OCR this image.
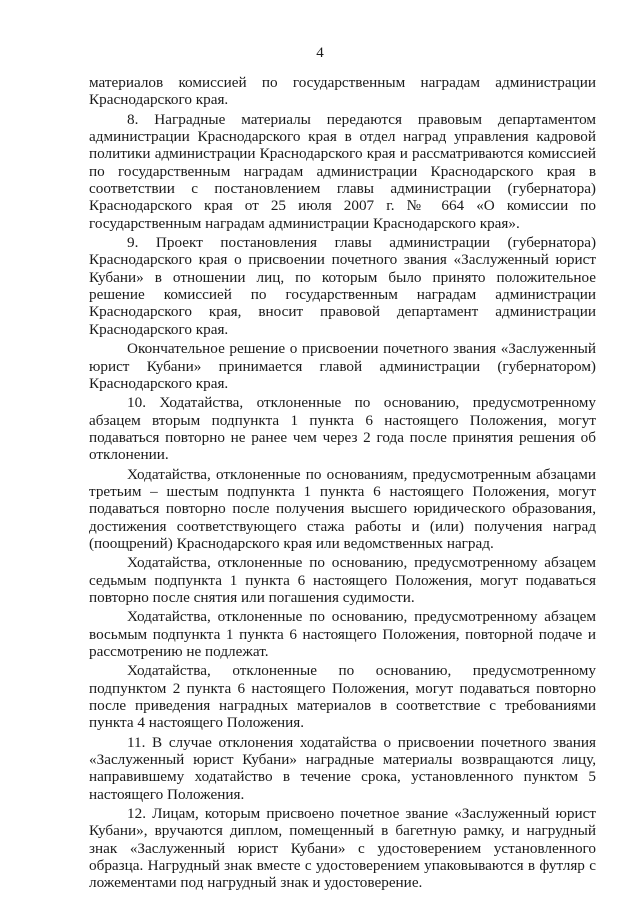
4

материалов комиссией по государственным наградам администрации Краснодарского края.

8. Наградные материалы передаются правовым департаментом администрации Краснодарского края в отдел наград управления кадровой политики администрации Краснодарского края и рассматриваются комиссией по государственным наградам администрации Краснодарского края в соответствии с постановлением главы администрации (губернатора) Краснодарского края от 25 июля 2007 г. № 664 «О комиссии по государственным наградам администрации Краснодарского края».

9. Проект постановления главы администрации (губернатора) Краснодарского края о присвоении почетного звания «Заслуженный юрист Кубани» в отношении лиц, по которым было принято положительное решение комиссией по государственным наградам администрации Краснодарского края, вносит правовой департамент администрации Краснодарского края.

Окончательное решение о присвоении почетного звания «Заслуженный юрист Кубани» принимается главой администрации (губернатором) Краснодарского края.

10. Ходатайства, отклоненные по основанию, предусмотренному абзацем вторым подпункта 1 пункта 6 настоящего Положения, могут подаваться повторно не ранее чем через 2 года после принятия решения об отклонении.

Ходатайства, отклоненные по основаниям, предусмотренным абзацами третьим – шестым подпункта 1 пункта 6 настоящего Положения, могут подаваться повторно после получения высшего юридического образования, достижения соответствующего стажа работы и (или) получения наград (поощрений) Краснодарского края или ведомственных наград.

Ходатайства, отклоненные по основанию, предусмотренному абзацем седьмым подпункта 1 пункта 6 настоящего Положения, могут подаваться повторно после снятия или погашения судимости.

Ходатайства, отклоненные по основанию, предусмотренному абзацем восьмым подпункта 1 пункта 6 настоящего Положения, повторной подаче и рассмотрению не подлежат.

Ходатайства, отклоненные по основанию, предусмотренному подпунктом 2 пункта 6 настоящего Положения, могут подаваться повторно после приведения наградных материалов в соответствие с требованиями пункта 4 настоящего Положения.

11. В случае отклонения ходатайства о присвоении почетного звания «Заслуженный юрист Кубани» наградные материалы возвращаются лицу, направившему ходатайство в течение срока, установленного пунктом 5 настоящего Положения.

12. Лицам, которым присвоено почетное звание «Заслуженный юрист Кубани», вручаются диплом, помещенный в багетную рамку, и нагрудный знак «Заслуженный юрист Кубани» с удостоверением установленного образца. Нагрудный знак вместе с удостоверением упаковываются в футляр с ложементами под нагрудный знак и удостоверение.
